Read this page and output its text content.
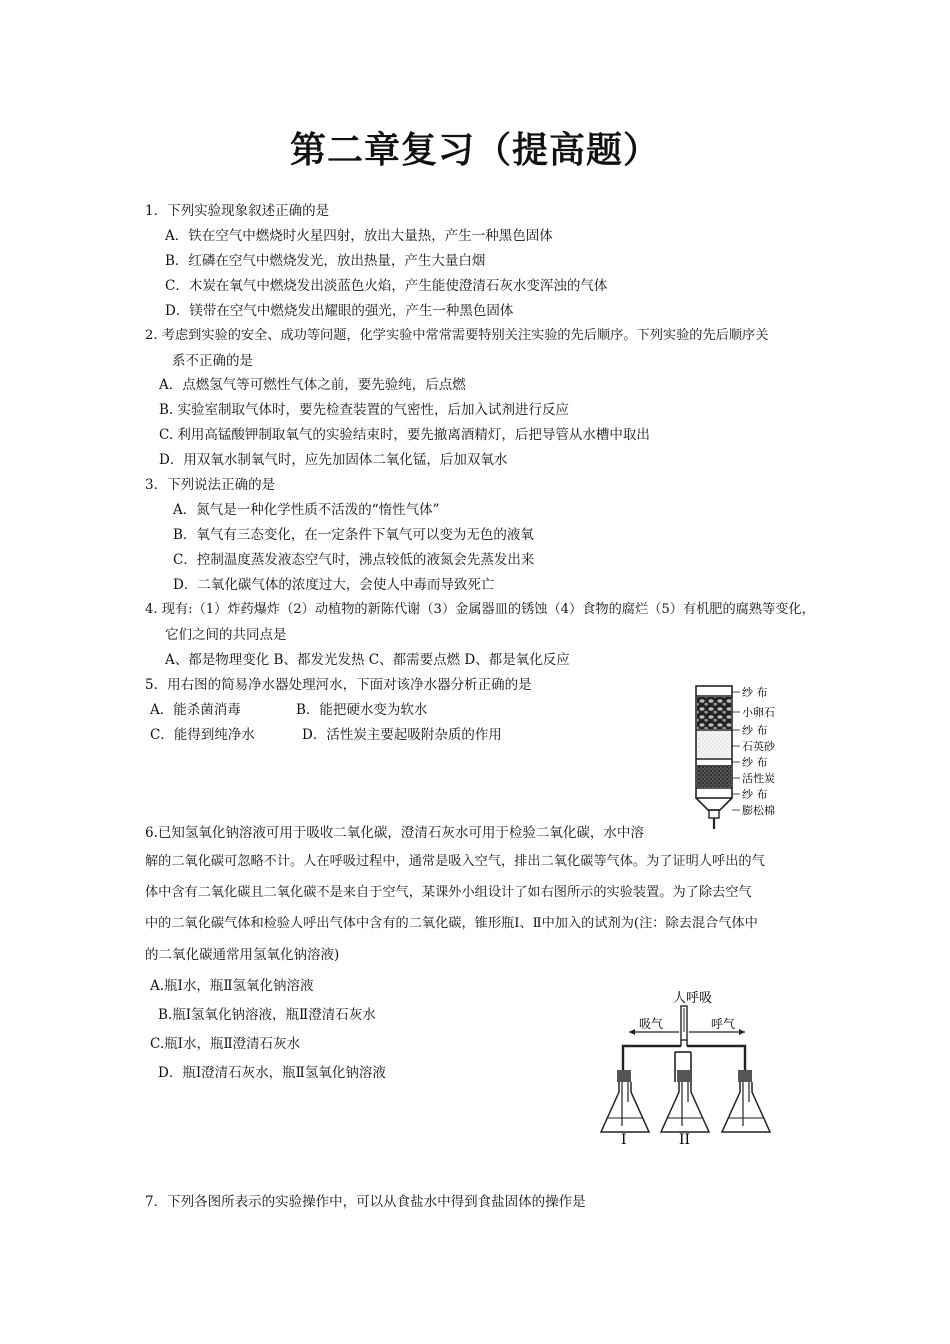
第二章复习（提高题）
1．下列实验现象叙述正确的是
A．铁在空气中燃烧时火星四射，放出大量热，产生一种黑色固体
B．红磷在空气中燃烧发光，放出热量，产生大量白烟
C．木炭在氧气中燃烧发出淡蓝色火焰，产生能使澄清石灰水变浑浊的气体
D．镁带在空气中燃烧发出耀眼的强光，产生一种黑色固体
2. 考虑到实验的安全、成功等问题，化学实验中常常需要特别关注实验的先后顺序。下列实验的先后顺序关
系不正确的是
A．点燃氢气等可燃性气体之前，要先验纯，后点燃
B. 实验室制取气体时，要先检查装置的气密性，后加入试剂进行反应
C. 利用高锰酸钾制取氧气的实验结束时，要先撤离酒精灯，后把导管从水槽中取出
D．用双氧水制氧气时，应先加固体二氧化锰，后加双氧水
3．下列说法正确的是
A．氮气是一种化学性质不活泼的“惰性气体”
B．氧气有三态变化，在一定条件下氧气可以变为无色的液氧
C．控制温度蒸发液态空气时，沸点较低的液氮会先蒸发出来
D．二氧化碳气体的浓度过大，会使人中毒而导致死亡
4. 现有:（1）炸药爆炸（2）动植物的新陈代谢（3）金属器皿的锈蚀（4）食物的腐烂（5）有机肥的腐熟等变化，
它们之间的共同点是
A、都是物理变化 B、都发光发热 C、都需要点燃 D、都是氧化反应
5．用右图的简易净水器处理河水，下面对该净水器分析正确的是
A．能杀菌消毒	B．能把硬水变为软水
C．能得到纯净水	D．活性炭主要起吸附杂质的作用
纱 布
小卵石
纱 布
石英砂
纱 布
活性炭
纱 布
膨松棉
6.已知氢氧化钠溶液可用于吸收二氧化碳，澄清石灰水可用于检验二氧化碳，水中溶
解的二氧化碳可忽略不计。人在呼吸过程中，通常是吸入空气，排出二氧化碳等气体。为了证明人呼出的气
体中含有二氧化碳且二氧化碳不是来自于空气，某课外小组设计了如右图所示的实验装置。为了除去空气
中的二氧化碳气体和检验人呼出气体中含有的二氧化碳，锥形瓶Ⅰ、Ⅱ中加入的试剂为(注：除去混合气体中
的二氧化碳通常用氢氧化钠溶液)
A.瓶Ⅰ水，瓶Ⅱ氢氧化钠溶液
B.瓶Ⅰ氢氧化钠溶液，瓶Ⅱ澄清石灰水
C.瓶Ⅰ水，瓶Ⅱ澄清石灰水
D．瓶Ⅰ澄清石灰水，瓶Ⅱ氢氧化钠溶液
人呼吸
吸气	呼气
I	II
7．下列各图所表示的实验操作中，可以从食盐水中得到食盐固体的操作是
